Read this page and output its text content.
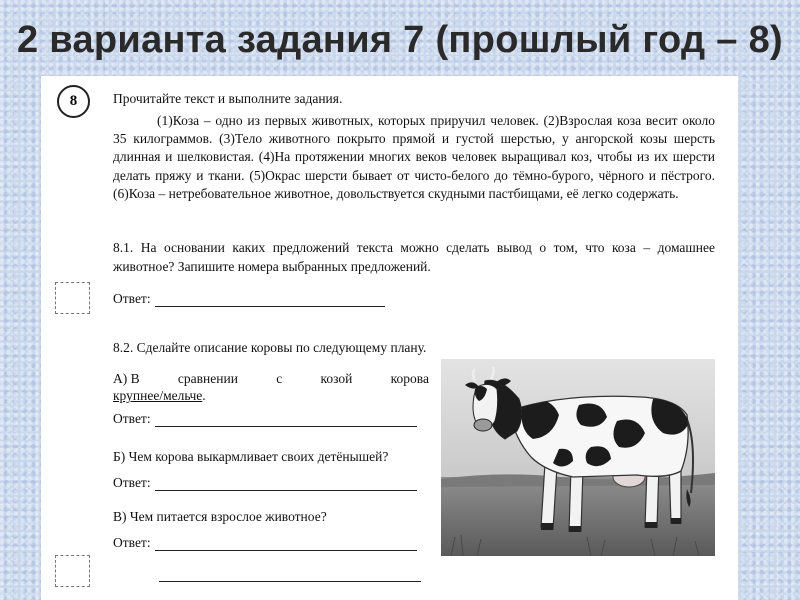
2 варианта задания 7 (прошлый год – 8)
8	Прочитайте текст и выполните задания.
(1)Коза – одно из первых животных, которых приручил человек. (2)Взрослая коза весит около 35 килограммов. (3)Тело животного покрыто прямой и густой шерстью, у ангорской козы шерсть длинная и шелковистая. (4)На протяжении многих веков человек выращивал коз, чтобы из их шерсти делать пряжу и ткани. (5)Окрас шерсти бывает от чисто-белого до тёмно-бурого, чёрного и пёстрого. (6)Коза – нетребовательное животное, довольствуется скудными пастбищами, её легко содержать.
8.1. На основании каких предложений текста можно сделать вывод о том, что коза – домашнее животное? Запишите номера выбранных предложений.
Ответ:
8.2. Сделайте описание коровы по следующему плану.
А) В	сравнении	с	козой	корова
крупнее/мельче.
Ответ:
Б) Чем корова выкармливает своих детёнышей?
Ответ:
В) Чем питается взрослое животное?
Ответ:
